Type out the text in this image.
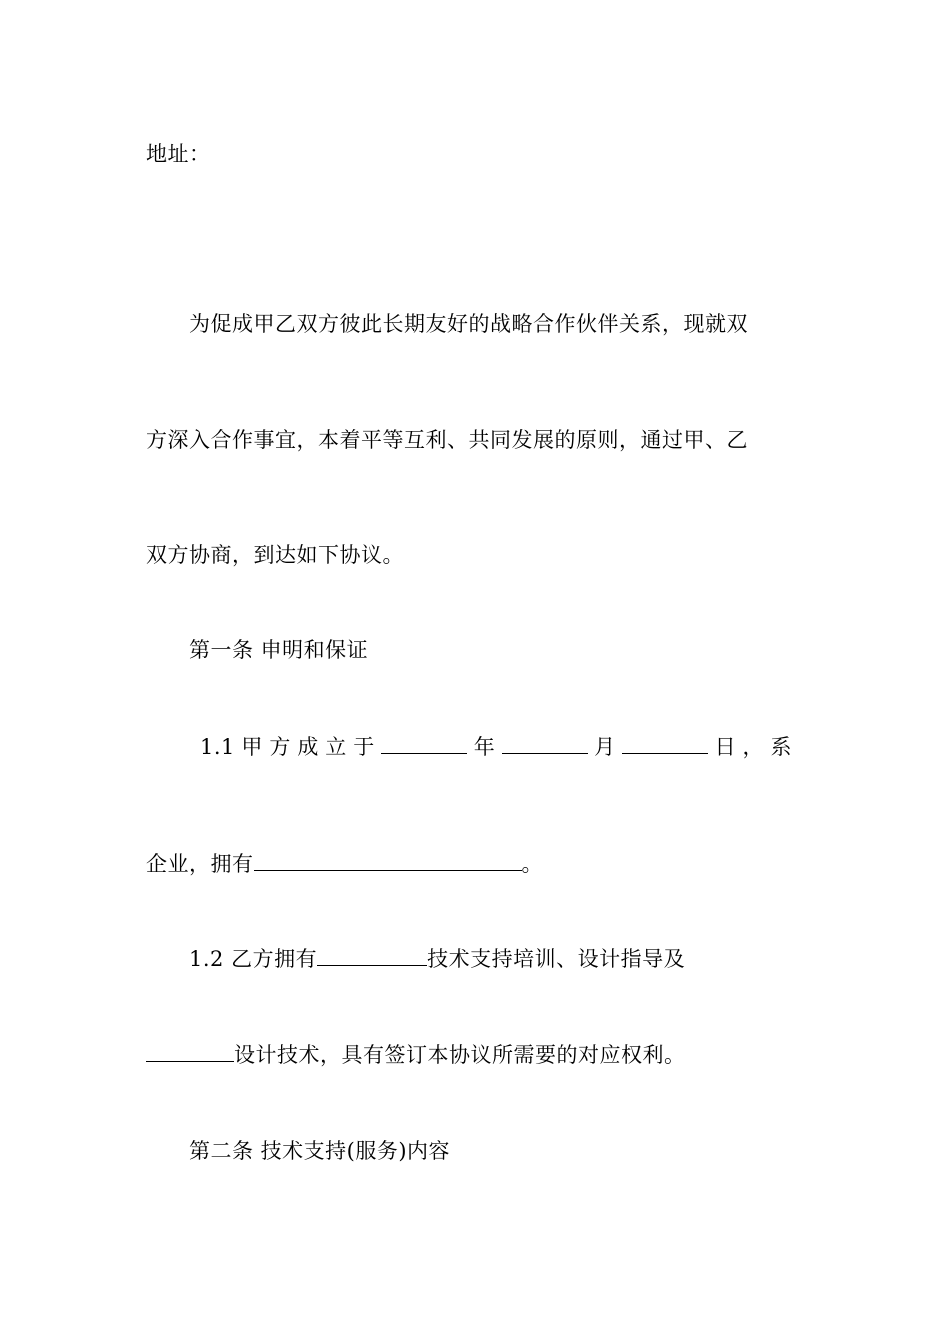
地址：
为促成甲乙双方彼此长期友好的战略合作伙伴关系，现就双
方深入合作事宜，本着平等互利、共同发展的原则，通过甲、乙
双方协商，到达如下协议。
第一条 申明和保证
1.1 甲 方 成 立 于	年	月	日 ， 系
企业，拥有	。
1.2 乙方拥有	技术支持培训、设计指导及
设计技术，具有签订本协议所需要的对应权利。
第二条 技术支持(服务)内容
